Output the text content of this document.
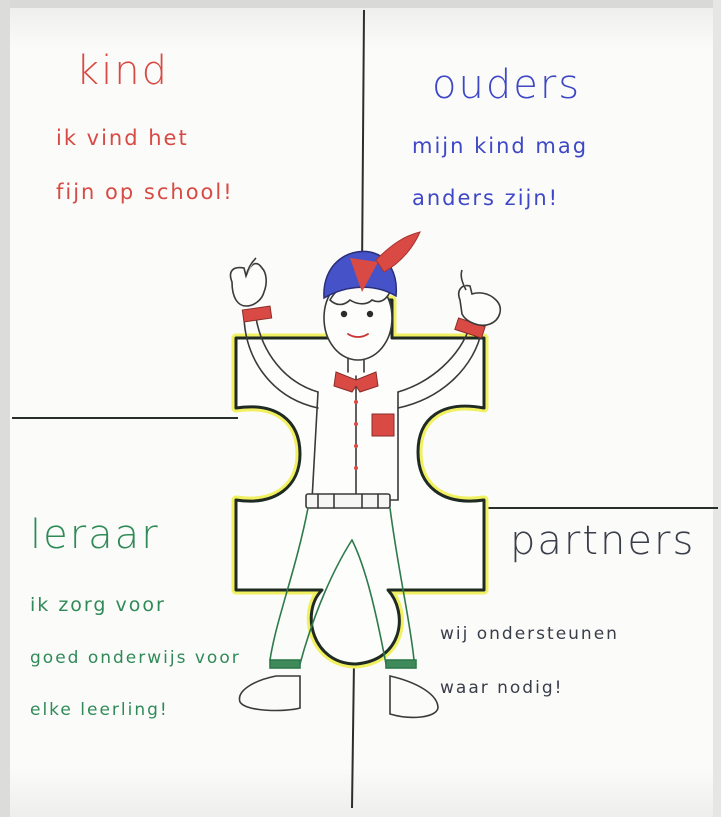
kind
ik vind het
fijn op school!
ouders
mijn kind mag
anders zijn!
leraar
ik zorg voor
goed onderwijs voor
elke leerling!
partners
wij ondersteunen
waar nodig!
